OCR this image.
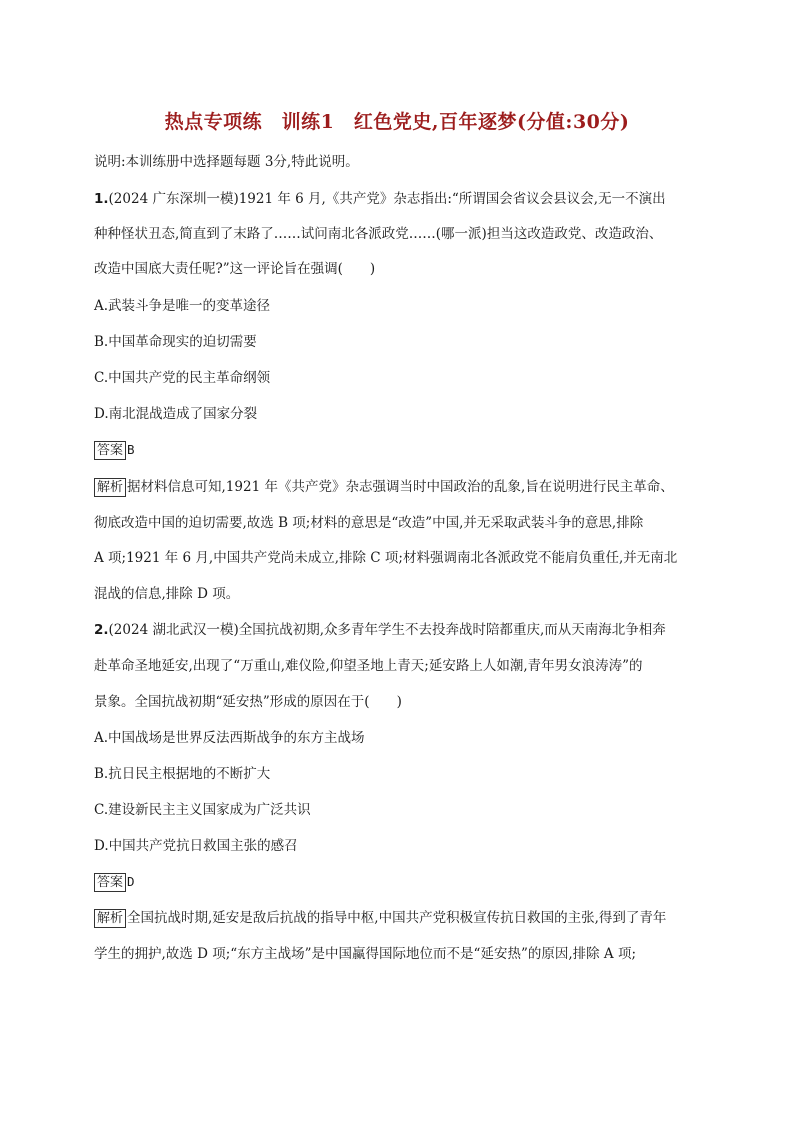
热点专项练　训练1　红色党史,百年逐梦(分值:30分)
说明:本训练册中选择题每题 3分,特此说明。
1.(2024 广东深圳一模)1921 年 6 月,《共产党》杂志指出:“所谓国会省议会县议会,无一不演出
种种怪状丑态,简直到了末路了……试问南北各派政党……(哪一派)担当这改造政党、改造政治、
改造中国底大责任呢?”这一评论旨在强调(　　)
A.武装斗争是唯一的变革途径
B.中国革命现实的迫切需要
C.中国共产党的民主革命纲领
D.南北混战造成了国家分裂
答案 B
解析 据材料信息可知,1921 年《共产党》杂志强调当时中国政治的乱象,旨在说明进行民主革命、
彻底改造中国的迫切需要,故选 B 项;材料的意思是“改造”中国,并无采取武装斗争的意思,排除
A 项;1921 年 6 月,中国共产党尚未成立,排除 C 项;材料强调南北各派政党不能肩负重任,并无南北
混战的信息,排除 D 项。
2.(2024 湖北武汉一模)全国抗战初期,众多青年学生不去投奔战时陪都重庆,而从天南海北争相奔
赴革命圣地延安,出现了“万重山,难仪险,仰望圣地上青天;延安路上人如潮,青年男女浪涛涛”的
景象。全国抗战初期“延安热”形成的原因在于(　　)
A.中国战场是世界反法西斯战争的东方主战场
B.抗日民主根据地的不断扩大
C.建设新民主主义国家成为广泛共识
D.中国共产党抗日救国主张的感召
答案 D
解析 全国抗战时期,延安是敌后抗战的指导中枢,中国共产党积极宣传抗日救国的主张,得到了青年
学生的拥护,故选 D 项;“东方主战场”是中国赢得国际地位而不是“延安热”的原因,排除 A 项;
